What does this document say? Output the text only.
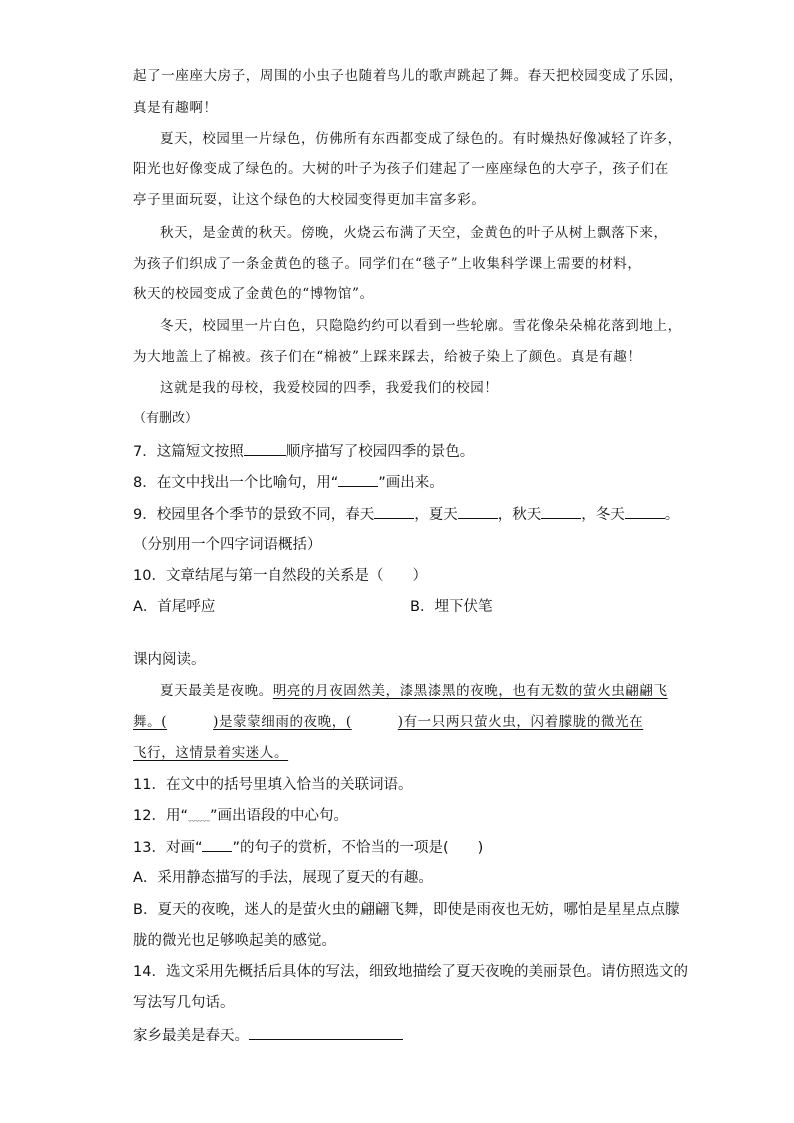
起了一座座大房子，周围的小虫子也随着鸟儿的歌声跳起了舞。春天把校园变成了乐园，
真是有趣啊！
夏天，校园里一片绿色，仿佛所有东西都变成了绿色的。有时燥热好像减轻了许多，
阳光也好像变成了绿色的。大树的叶子为孩子们建起了一座座绿色的大亭子，孩子们在
亭子里面玩耍，让这个绿色的大校园变得更加丰富多彩。
秋天，是金黄的秋天。傍晚，火烧云布满了天空，金黄色的叶子从树上飘落下来，
为孩子们织成了一条金黄色的毯子。同学们在“毯子”上收集科学课上需要的材料，
秋天的校园变成了金黄色的“博物馆”。
冬天，校园里一片白色，只隐隐约约可以看到一些轮廓。雪花像朵朵棉花落到地上，
为大地盖上了棉被。孩子们在“棉被”上踩来踩去，给被子染上了颜色。真是有趣！
这就是我的母校，我爱校园的四季，我爱我们的校园！
（有删改）
7．这篇短文按照	顺序描写了校园四季的景色。
8．在文中找出一个比喻句，用“	”画出来。
9．校园里各个季节的景致不同，春天	，夏天	，秋天	，冬天	。
（分别用一个四字词语概括）
10．文章结尾与第一自然段的关系是（　　）
A．首尾呼应	B．埋下伏笔
课内阅读。
夏天最美是夜晚。明亮的月夜固然美，漆黑漆黑的夜晚，也有无数的萤火虫翩翩飞
舞。(	)是蒙蒙细雨的夜晚，(	)有一只两只萤火虫，闪着朦胧的微光在
飞行，这情景着实迷人。
11．在文中的括号里填入恰当的关联词语。
12．用“﹏﹏”画出语段的中心句。
13．对画“ ”的句子的赏析，不恰当的一项是(　　)
A．采用静态描写的手法，展现了夏天的有趣。
B．夏天的夜晚，迷人的是萤火虫的翩翩飞舞，即使是雨夜也无妨，哪怕是星星点点朦
胧的微光也足够唤起美的感觉。
14．选文采用先概括后具体的写法，细致地描绘了夏天夜晚的美丽景色。请仿照选文的
写法写几句话。
家乡最美是春天。
